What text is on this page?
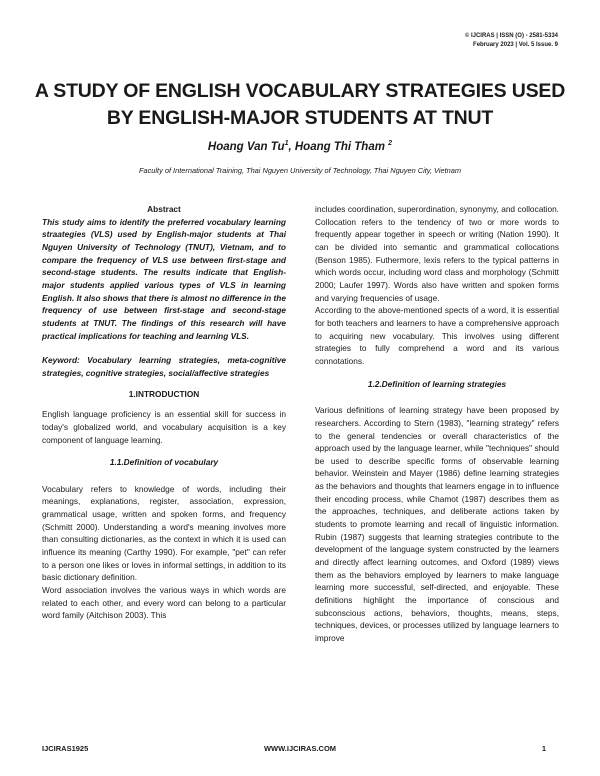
© IJCIRAS | ISSN (O) - 2581-5334
February 2023 | Vol. 5 Issue. 9
A STUDY OF ENGLISH VOCABULARY STRATEGIES USED
BY ENGLISH-MAJOR STUDENTS AT TNUT
Hoang Van Tu$^1$, Hoang Thi Tham $^2$
Faculty of International Training, Thai Nguyen University of Technology, Thai Nguyen City, Vietnam

Abstract

This study aims to identify the preferred vocabulary learning straategies (VLS) used by English-major students at Thai Nguyen University of Technology (TNUT), Vietnam, and to compare the frequency of VLS use between first-stage and second-stage students. The results indicate that English-major students applied various types of VLS in learning English. It also shows that there is almost no difference in the frequency of use between first-stage and second-stage students at TNUT. The findings of this research will have practical implications for teaching and learning VLS.

Keyword: Vocabulary learning strategies, meta-cognitive strategies, cognitive strategies, social/affective strategies

1.INTRODUCTION

English language proficiency is an essential skill for success in today's globalized world, and vocabulary acquisition is a key component of language learning.

1.1.Definition of vocabulary

Vocabulary refers to knowledge of words, including their meanings, explanations, register, association, expression, grammatical usage, written and spoken forms, and frequency (Schmitt 2000). Understanding a word's meaning involves more than consulting dictionaries, as the context in which it is used can influence its meaning (Carthy 1990). For example, "pet" can refer to a person one likes or loves in informal settings, in addition to its basic dictionary definition.

Word association involves the various ways in which words are related to each other, and every word can belong to a particular word family (Aitchison 2003). This

includes coordination, superordination, synonymy, and collocation. Collocation refers to the tendency of two or more words to frequently appear together in speech or writing (Nation 1990). It can be divided into semantic and grammatical collocations (Benson 1985). Futhermore, lexis refers to the typical patterns in which words occur, including word class and morphology (Schmitt 2000; Laufer 1997). Words also have written and spoken forms and varying frequencies of usage.

According to the above-mentioned spects of a word, it is essential for both teachers and learners to have a comprehensive approach to acquiring new vocabulary. This involves using different strategies to fully comprehend a word and its various connotations.

1.2.Definition of learning strategies

Various definitions of learning strategy have been proposed by researchers. According to Stern (1983), "learning strategy" refers to the general tendencies or overall characteristics of the approach used by the language learner, while "techniques" should be used to describe specific forms of observable learning behavior. Weinstein and Mayer (1986) define learning strategies as the behaviors and thoughts that learners engage in to influence their encoding process, while Chamot (1987) describes them as the approaches, techniques, and deliberate actions taken by students to promote learning and recall of linguistic information. Rubin (1987) suggests that learning strategies contribute to the development of the language system constructed by the learners and directly affect learning outcomes, and Oxford (1989) views them as the behaviors employed by learners to make language learning more successful, self-directed, and enjoyable. These definitions highlight the importance of conscious and subconscious actions, behaviors, thoughts, means, steps, techniques, devices, or processes utilized by language learners to improve

IJCIRAS1925	WWW.IJCIRAS.COM	1
